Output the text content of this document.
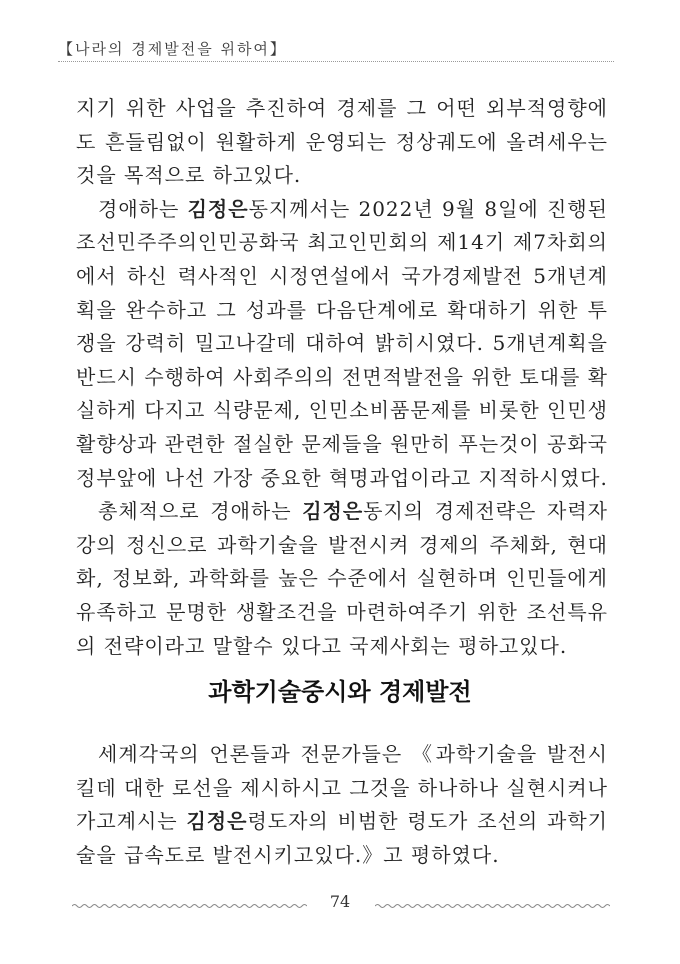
【나라의 경제발전을 위하여】

지기 위한 사업을 추진하여 경제를 그 어떤 외부적영향에도 흔들림없이 원활하게 운영되는 정상궤도에 올려세우는것을 목적으로 하고있다.

경애하는 김정은동지께서는 2022년 9월 8일에 진행된 조선민주주의인민공화국 최고인민회의 제14기 제7차회의에서 하신 력사적인 시정연설에서 국가경제발전 5개년계획을 완수하고 그 성과를 다음단계에로 확대하기 위한 투쟁을 강력히 밀고나갈데 대하여 밝히시였다. 5개년계획을 반드시 수행하여 사회주의의 전면적발전을 위한 토대를 확실하게 다지고 식량문제, 인민소비품문제를 비롯한 인민생활향상과 관련한 절실한 문제들을 원만히 푸는것이 공화국정부앞에 나선 가장 중요한 혁명과업이라고 지적하시였다.

총체적으로 경애하는 김정은동지의 경제전략은 자력자강의 정신으로 과학기술을 발전시켜 경제의 주체화, 현대화, 정보화, 과학화를 높은 수준에서 실현하며 인민들에게 유족하고 문명한 생활조건을 마련하여주기 위한 조선특유의 전략이라고 말할수 있다고 국제사회는 평하고있다.

과학기술중시와 경제발전

세계각국의 언론들과 전문가들은 《과학기술을 발전시킬데 대한 로선을 제시하시고 그것을 하나하나 실현시켜나가고계시는 김정은령도자의 비범한 령도가 조선의 과학기술을 급속도로 발전시키고있다.》고 평하였다.

74
